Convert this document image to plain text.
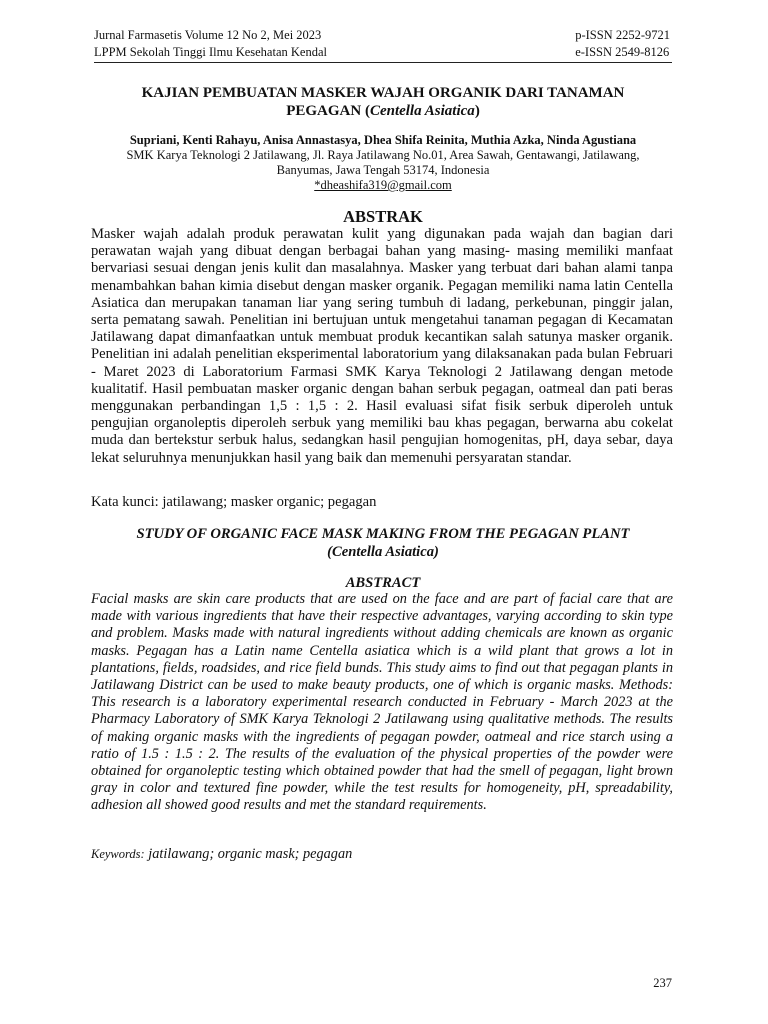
Jurnal Farmasetis Volume 12 No 2, Mei 2023
LPPM Sekolah Tinggi Ilmu Kesehatan Kendal
p-ISSN 2252-9721
e-ISSN 2549-8126
KAJIAN PEMBUATAN MASKER WAJAH ORGANIK DARI TANAMAN
PEGAGAN (Centella Asiatica)
Supriani, Kenti Rahayu, Anisa Annastasya, Dhea Shifa Reinita, Muthia Azka, Ninda Agustiana
SMK Karya Teknologi 2 Jatilawang, Jl. Raya Jatilawang No.01, Area Sawah, Gentawangi, Jatilawang,
Banyumas, Jawa Tengah 53174, Indonesia
*dheashifa319@gmail.com
ABSTRAK
Masker wajah adalah produk perawatan kulit yang digunakan pada wajah dan bagian dari perawatan wajah yang dibuat dengan berbagai bahan yang masing- masing memiliki manfaat bervariasi sesuai dengan jenis kulit dan masalahnya. Masker yang terbuat dari bahan alami tanpa menambahkan bahan kimia disebut dengan masker organik. Pegagan memiliki nama latin Centella Asiatica dan merupakan tanaman liar yang sering tumbuh di ladang, perkebunan, pinggir jalan, serta pematang sawah. Penelitian ini bertujuan untuk mengetahui tanaman pegagan di Kecamatan Jatilawang dapat dimanfaatkan untuk membuat produk kecantikan salah satunya masker organik. Penelitian ini adalah penelitian eksperimental laboratorium yang dilaksanakan pada bulan Februari - Maret 2023 di Laboratorium Farmasi SMK Karya Teknologi 2 Jatilawang dengan metode kualitatif. Hasil pembuatan masker organic dengan bahan serbuk pegagan, oatmeal dan pati beras menggunakan perbandingan 1,5 : 1,5 : 2. Hasil evaluasi sifat fisik serbuk diperoleh untuk pengujian organoleptis diperoleh serbuk yang memiliki bau khas pegagan, berwarna abu cokelat muda dan bertekstur serbuk halus, sedangkan hasil pengujian homogenitas, pH, daya sebar, daya lekat seluruhnya menunjukkan hasil yang baik dan memenuhi persyaratan standar.
Kata kunci: jatilawang; masker organic; pegagan
STUDY OF ORGANIC FACE MASK MAKING FROM THE PEGAGAN PLANT
(Centella Asiatica)
ABSTRACT
Facial masks are skin care products that are used on the face and are part of facial care that are made with various ingredients that have their respective advantages, varying according to skin type and problem. Masks made with natural ingredients without adding chemicals are known as organic masks. Pegagan has a Latin name Centella asiatica which is a wild plant that grows a lot in plantations, fields, roadsides, and rice field bunds. This study aims to find out that pegagan plants in Jatilawang District can be used to make beauty products, one of which is organic masks. Methods: This research is a laboratory experimental research conducted in February - March 2023 at the Pharmacy Laboratory of SMK Karya Teknologi 2 Jatilawang using qualitative methods. The results of making organic masks with the ingredients of pegagan powder, oatmeal and rice starch using a ratio of 1.5 : 1.5 : 2. The results of the evaluation of the physical properties of the powder were obtained for organoleptic testing which obtained powder that had the smell of pegagan, light brown gray in color and textured fine powder, while the test results for homogeneity, pH, spreadability, adhesion all showed good results and met the standard requirements.
Keywords: jatilawang; organic mask; pegagan
237
